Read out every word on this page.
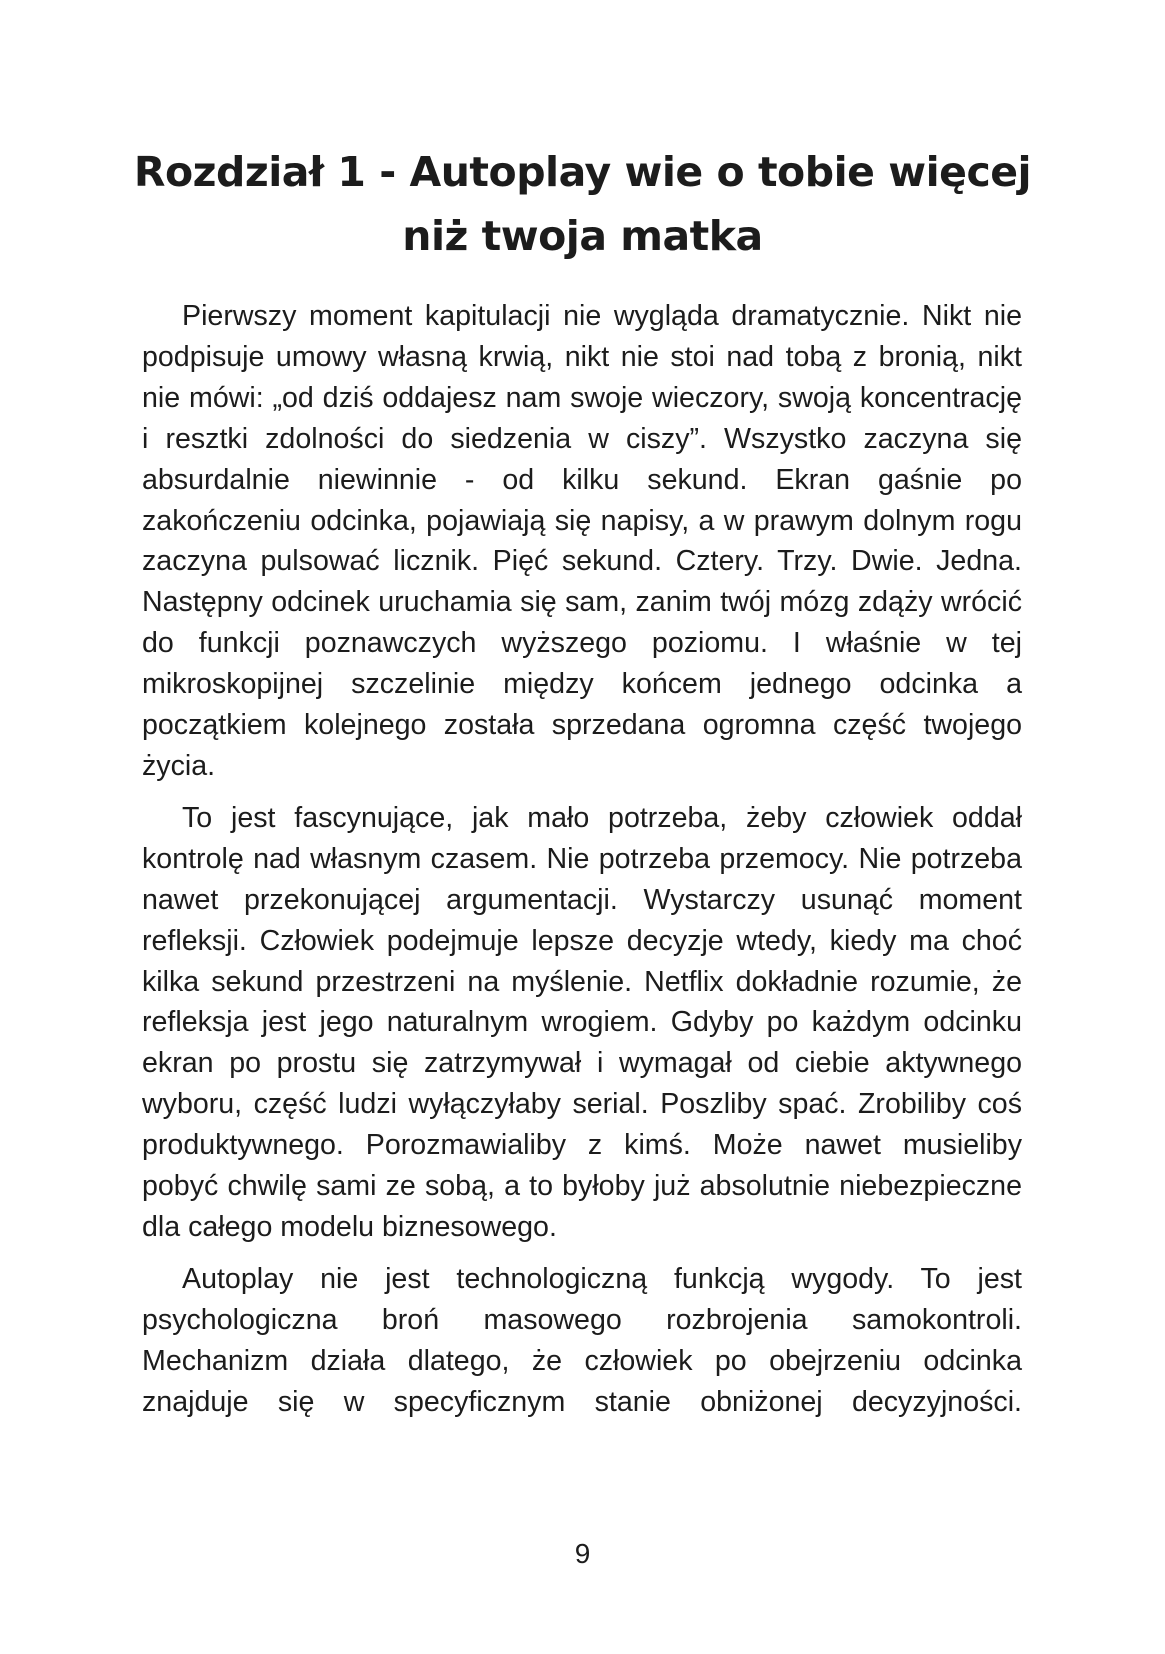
Rozdział 1 - Autoplay wie o tobie więcej niż twoja matka

Pierwszy moment kapitulacji nie wygląda dramatycznie. Nikt nie podpisuje umowy własną krwią, nikt nie stoi nad tobą z bronią, nikt nie mówi: „od dziś oddajesz nam swoje wieczory, swoją koncentrację i resztki zdolności do siedzenia w ciszy”. Wszystko zaczyna się absurdalnie niewinnie - od kilku sekund. Ekran gaśnie po zakończeniu odcinka, pojawiają się napisy, a w prawym dolnym rogu zaczyna pulsować licznik. Pięć sekund. Cztery. Trzy. Dwie. Jedna. Następny odcinek uruchamia się sam, zanim twój mózg zdąży wrócić do funkcji poznawczych wyższego poziomu. I właśnie w tej mikroskopijnej szczelinie między końcem jednego odcinka a początkiem kolejnego została sprzedana ogromna część twojego życia.

To jest fascynujące, jak mało potrzeba, żeby człowiek oddał kontrolę nad własnym czasem. Nie potrzeba przemocy. Nie potrzeba nawet przekonującej argumentacji. Wystarczy usunąć moment refleksji. Człowiek podejmuje lepsze decyzje wtedy, kiedy ma choć kilka sekund przestrzeni na myślenie. Netflix dokładnie rozumie, że refleksja jest jego naturalnym wrogiem. Gdyby po każdym odcinku ekran po prostu się zatrzymywał i wymagał od ciebie aktywnego wyboru, część ludzi wyłączyłaby serial. Poszliby spać. Zrobiliby coś produktywnego. Porozmawialiby z kimś. Może nawet musieliby pobyć chwilę sami ze sobą, a to byłoby już absolutnie niebezpieczne dla całego modelu biznesowego.

Autoplay nie jest technologiczną funkcją wygody. To jest psychologiczna broń masowego rozbrojenia samokontroli. Mechanizm działa dlatego, że człowiek po obejrzeniu odcinka znajduje się w specyficznym stanie obniżonej decyzyjności.

9
